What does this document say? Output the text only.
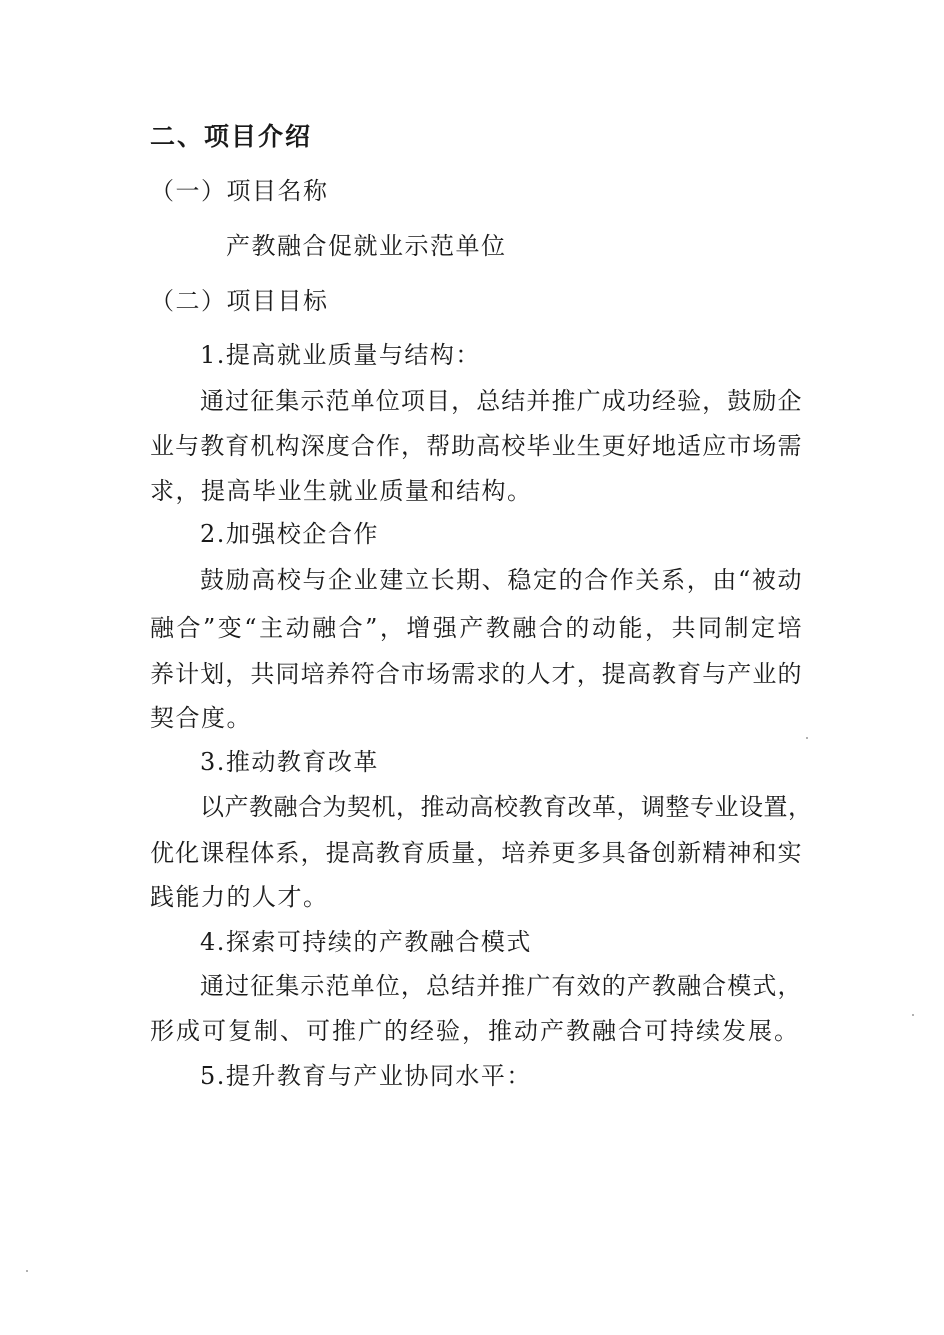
二、项目介绍
（一）项目名称
产教融合促就业示范单位
（二）项目目标
1.提高就业质量与结构：
通过征集示范单位项目，总结并推广成功经验，鼓励企
业与教育机构深度合作，帮助高校毕业生更好地适应市场需
求，提高毕业生就业质量和结构。
2.加强校企合作
鼓励高校与企业建立长期、稳定的合作关系，由“被动
融合”变“主动融合”，增强产教融合的动能，共同制定培
养计划，共同培养符合市场需求的人才，提高教育与产业的
契合度。
3.推动教育改革
以产教融合为契机，推动高校教育改革，调整专业设置，
优化课程体系，提高教育质量，培养更多具备创新精神和实
践能力的人才。
4.探索可持续的产教融合模式
通过征集示范单位，总结并推广有效的产教融合模式，
形成可复制、可推广的经验，推动产教融合可持续发展。
5.提升教育与产业协同水平：
